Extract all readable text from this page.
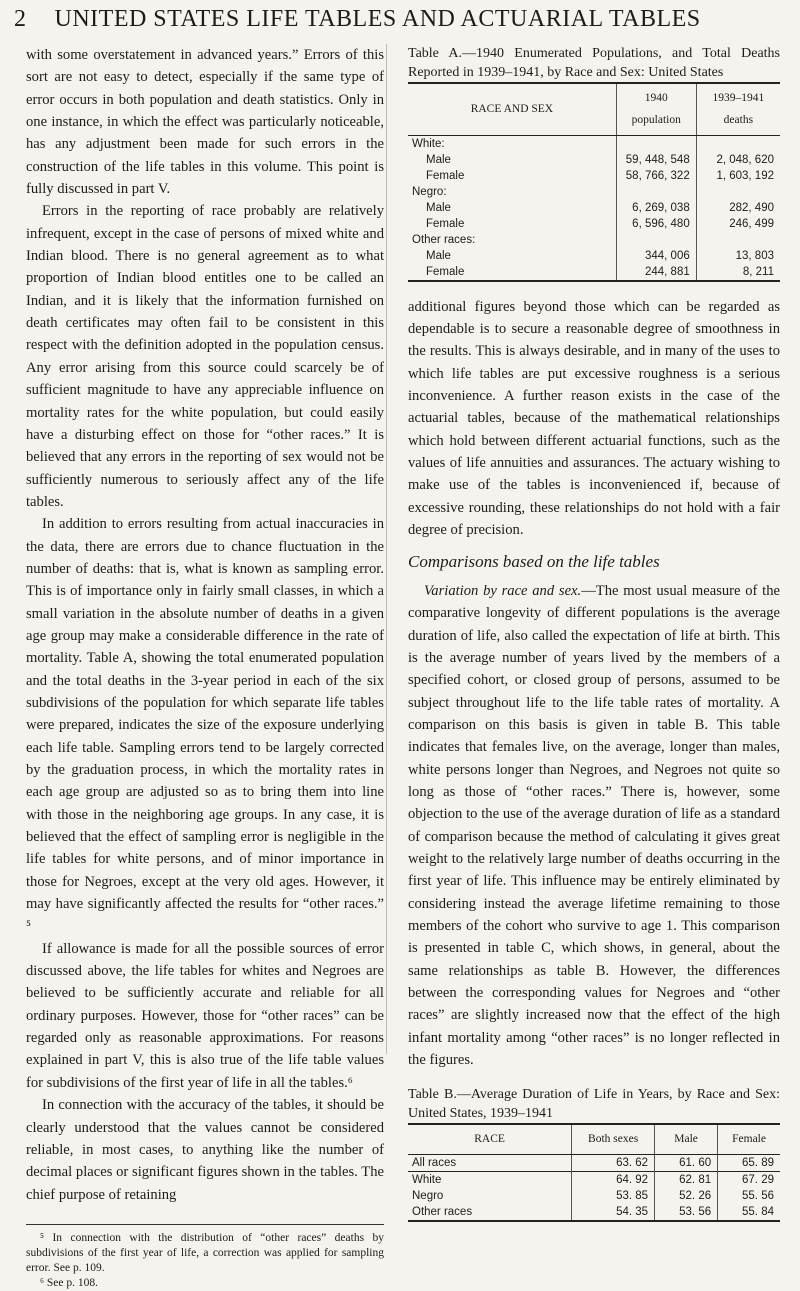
2 UNITED STATES LIFE TABLES AND ACTUARIAL TABLES

with some overstatement in advanced years.” Errors of this sort are not easy to detect, especially if the same type of error occurs in both population and death statistics. Only in one instance, in which the effect was particularly noticeable, has any adjustment been made for such errors in the construction of the life tables in this volume. This point is fully discussed in part V.

Errors in the reporting of race probably are relatively infrequent, except in the case of persons of mixed white and Indian blood. There is no general agreement as to what proportion of Indian blood entitles one to be called an Indian, and it is likely that the information furnished on death certificates may often fail to be consistent in this respect with the definition adopted in the population census. Any error arising from this source could scarcely be of sufficient magnitude to have any appreciable influence on mortality rates for the white population, but could easily have a disturbing effect on those for “other races.” It is believed that any errors in the reporting of sex would not be sufficiently numerous to seriously affect any of the life tables.

In addition to errors resulting from actual inaccuracies in the data, there are errors due to chance fluctuation in the number of deaths: that is, what is known as sampling error. This is of importance only in fairly small classes, in which a small variation in the absolute number of deaths in a given age group may make a considerable difference in the rate of mortality. Table A, showing the total enumerated population and the total deaths in the 3-year period in each of the six subdivisions of the population for which separate life tables were prepared, indicates the size of the exposure underlying each life table. Sampling errors tend to be largely corrected by the graduation process, in which the mortality rates in each age group are adjusted so as to bring them into line with those in the neighboring age groups. In any case, it is believed that the effect of sampling error is negligible in the life tables for white persons, and of minor importance in those for Negroes, except at the very old ages. However, it may have significantly affected the results for “other races.” ⁵

If allowance is made for all the possible sources of error discussed above, the life tables for whites and Negroes are believed to be sufficiently accurate and reliable for all ordinary purposes. However, those for “other races” can be regarded only as reasonable approximations. For reasons explained in part V, this is also true of the life table values for subdivisions of the first year of life in all the tables.⁶

In connection with the accuracy of the tables, it should be clearly understood that the values cannot be considered reliable, in most cases, to anything like the number of decimal places or significant figures shown in the tables. The chief purpose of retaining

⁵ In connection with the distribution of “other races” deaths by subdivisions of the first year of life, a correction was applied for sampling error. See p. 109.
⁶ See p. 108.

Table A.—1940 Enumerated Populations, and Total Deaths Reported in 1939–1941, by Race and Sex: United States

RACE AND SEX	1940 population	1939–1941 deaths
White:		
Male	59, 448, 548	2, 048, 620
Female	58, 766, 322	1, 603, 192
Negro:		
Male	6, 269, 038	282, 490
Female	6, 596, 480	246, 499
Other races:		
Male	344, 006	13, 803
Female	244, 881	8, 211

additional figures beyond those which can be regarded as dependable is to secure a reasonable degree of smoothness in the results. This is always desirable, and in many of the uses to which life tables are put excessive roughness is a serious inconvenience. A further reason exists in the case of the actuarial tables, because of the mathematical relationships which hold between different actuarial functions, such as the values of life annuities and assurances. The actuary wishing to make use of the tables is inconvenienced if, because of excessive rounding, these relationships do not hold with a fair degree of precision.

Comparisons based on the life tables

Variation by race and sex.—The most usual measure of the comparative longevity of different populations is the average duration of life, also called the expectation of life at birth. This is the average number of years lived by the members of a specified cohort, or closed group of persons, assumed to be subject throughout life to the life table rates of mortality. A comparison on this basis is given in table B. This table indicates that females live, on the average, longer than males, white persons longer than Negroes, and Negroes not quite so long as those of “other races.” There is, however, some objection to the use of the average duration of life as a standard of comparison because the method of calculating it gives great weight to the relatively large number of deaths occurring in the first year of life. This influence may be entirely eliminated by considering instead the average lifetime remaining to those members of the cohort who survive to age 1. This comparison is presented in table C, which shows, in general, about the same relationships as table B. However, the differences between the corresponding values for Negroes and “other races” are slightly increased now that the effect of the high infant mortality among “other races” is no longer reflected in the figures.

Table B.—Average Duration of Life in Years, by Race and Sex: United States, 1939–1941

RACE	Both sexes	Male	Female
All races	63. 62	61. 60	65. 89
White	64. 92	62. 81	67. 29
Negro	53. 85	52. 26	55. 56
Other races	54. 35	53. 56	55. 84
